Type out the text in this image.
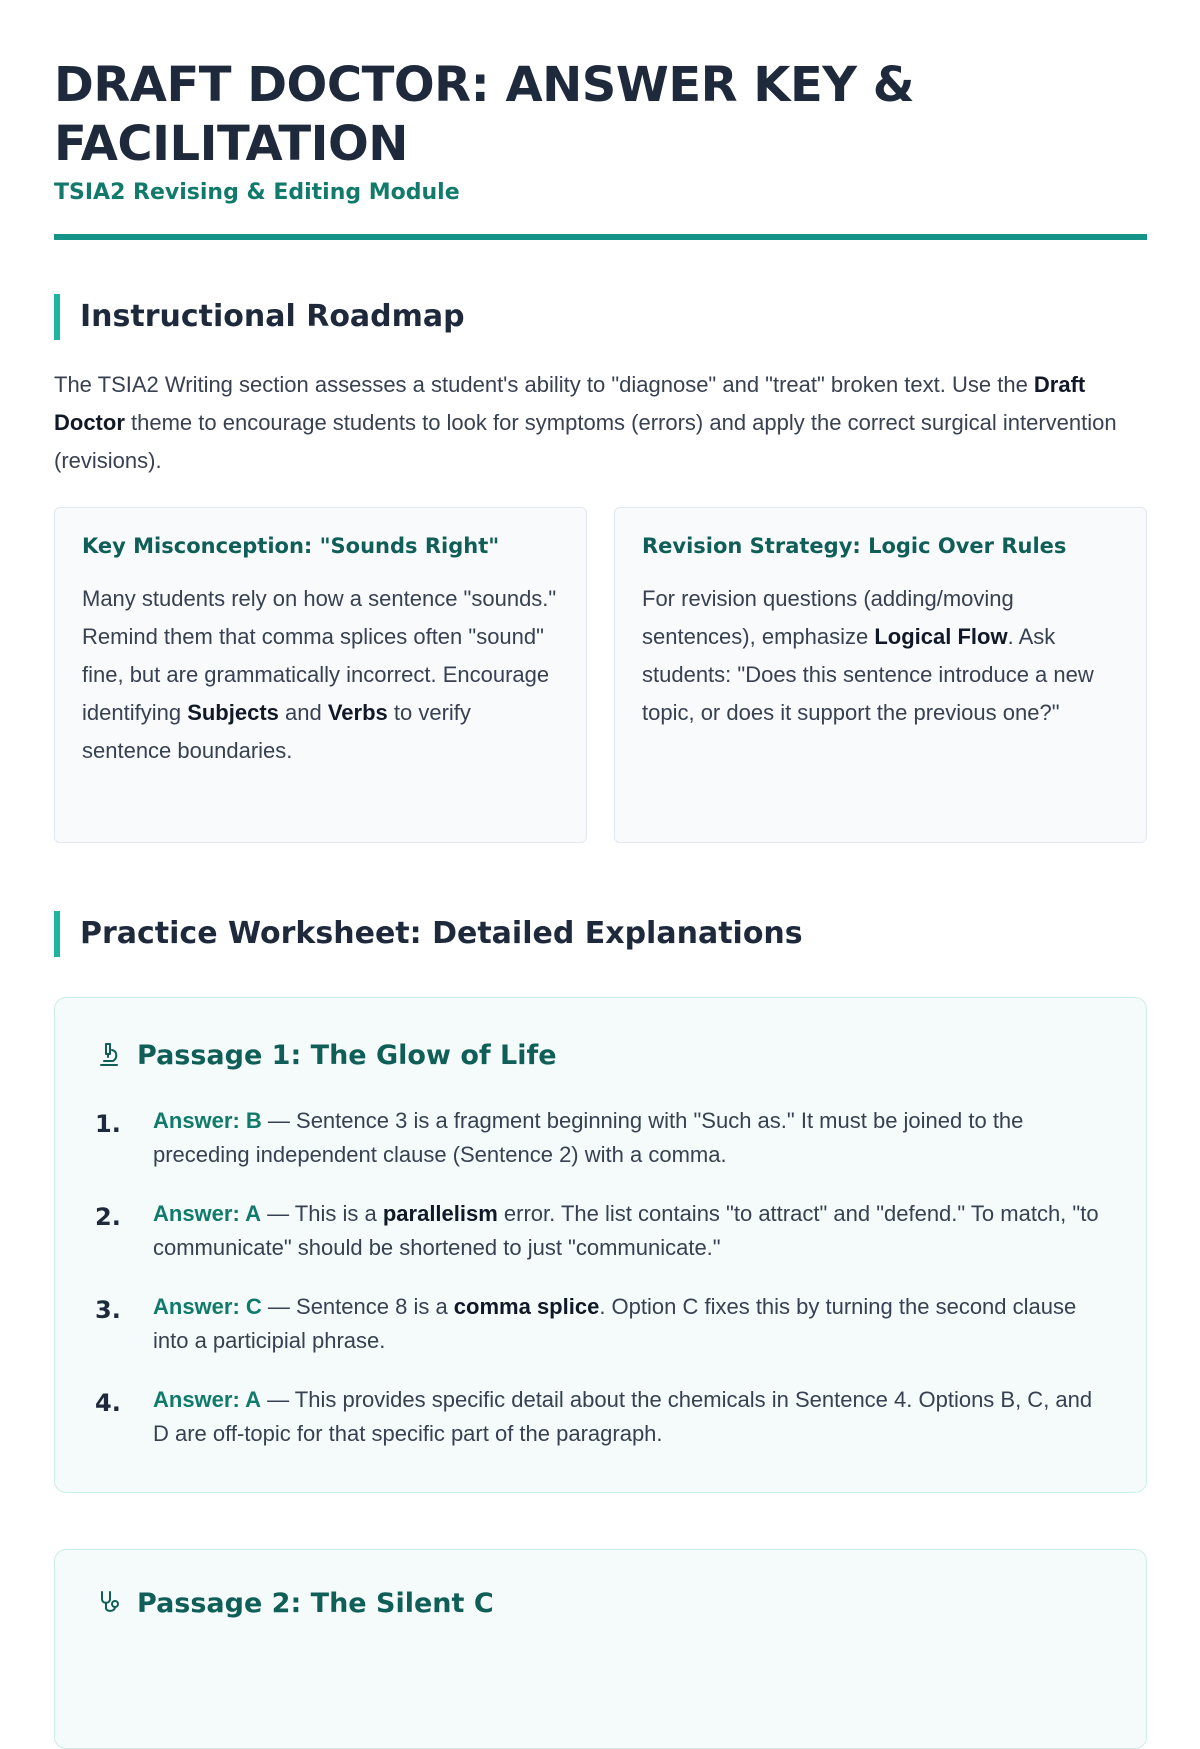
DRAFT DOCTOR: ANSWER KEY & FACILITATION
TSIA2 Revising & Editing Module
Instructional Roadmap

The TSIA2 Writing section assesses a student's ability to "diagnose" and "treat" broken text. Use the Draft Doctor theme to encourage students to look for symptoms (errors) and apply the correct surgical intervention (revisions).

Key Misconception: "Sounds Right"

Many students rely on how a sentence "sounds." Remind them that comma splices often "sound" fine, but are grammatically incorrect. Encourage identifying Subjects and Verbs to verify sentence boundaries.

Revision Strategy: Logic Over Rules

For revision questions (adding/moving sentences), emphasize Logical Flow. Ask students: "Does this sentence introduce a new topic, or does it support the previous one?"

Practice Worksheet: Detailed Explanations
Passage 1: The Glow of Life
1. Answer: B — Sentence 3 is a fragment beginning with "Such as." It must be joined to the preceding independent clause (Sentence 2) with a comma.

2. Answer: A — This is a parallelism error. The list contains "to attract" and "defend." To match, "to communicate" should be shortened to just "communicate."

3. Answer: C — Sentence 8 is a comma splice. Option C fixes this by turning the second clause into a participial phrase.

4. Answer: A — This provides specific detail about the chemicals in Sentence 4. Options B, C, and D are off-topic for that specific part of the paragraph.

Passage 2: The Silent C
